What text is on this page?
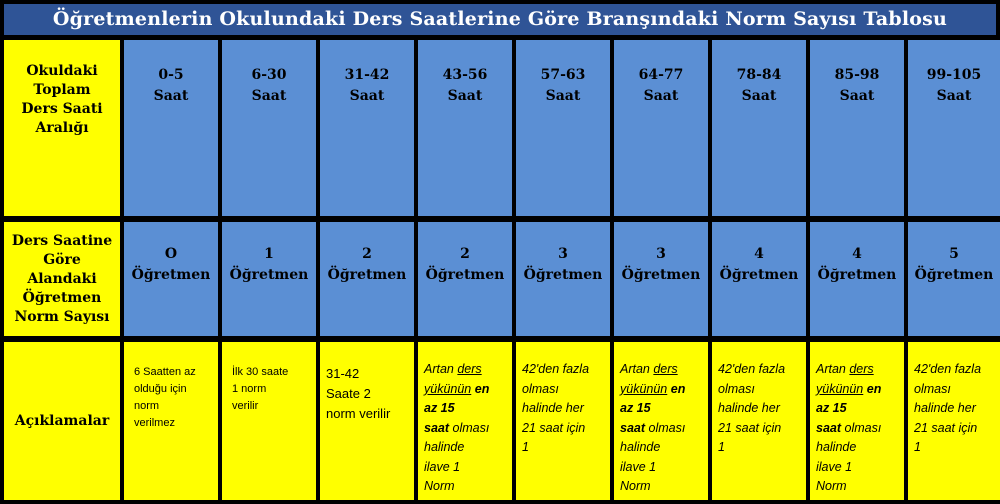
Öğretmenlerin Okulundaki Ders Saatlerine Göre Branşındaki Norm Sayısı Tablosu
Okuldaki
Toplam
Ders Saati
Aralığı
0-5
Saat
6-30
Saat
31-42
Saat
43-56
Saat
57-63
Saat
64-77
Saat
78-84
Saat
85-98
Saat
99-105
Saat
Ders Saatine
Göre
Alandaki
Öğretmen
Norm Sayısı
O
Öğretmen
1
Öğretmen
2
Öğretmen
2
Öğretmen
3
Öğretmen
3
Öğretmen
4
Öğretmen
4
Öğretmen
5
Öğretmen
Açıklamalar
6 Saatten az
olduğu için
norm
verilmez
İlk 30 saate
1 norm
verilir
31-42
Saate 2
norm verilir
Artan ders
yükünün en
az 15
saat olması
halinde
ilave 1
Norm
42'den fazla
olması
halinde her
21 saat için
1
Artan ders
yükünün en
az 15
saat olması
halinde
ilave 1
Norm
42'den fazla
olması
halinde her
21 saat için
1
Artan ders
yükünün en
az 15
saat olması
halinde
ilave 1
Norm
42'den fazla
olması
halinde her
21 saat için
1
